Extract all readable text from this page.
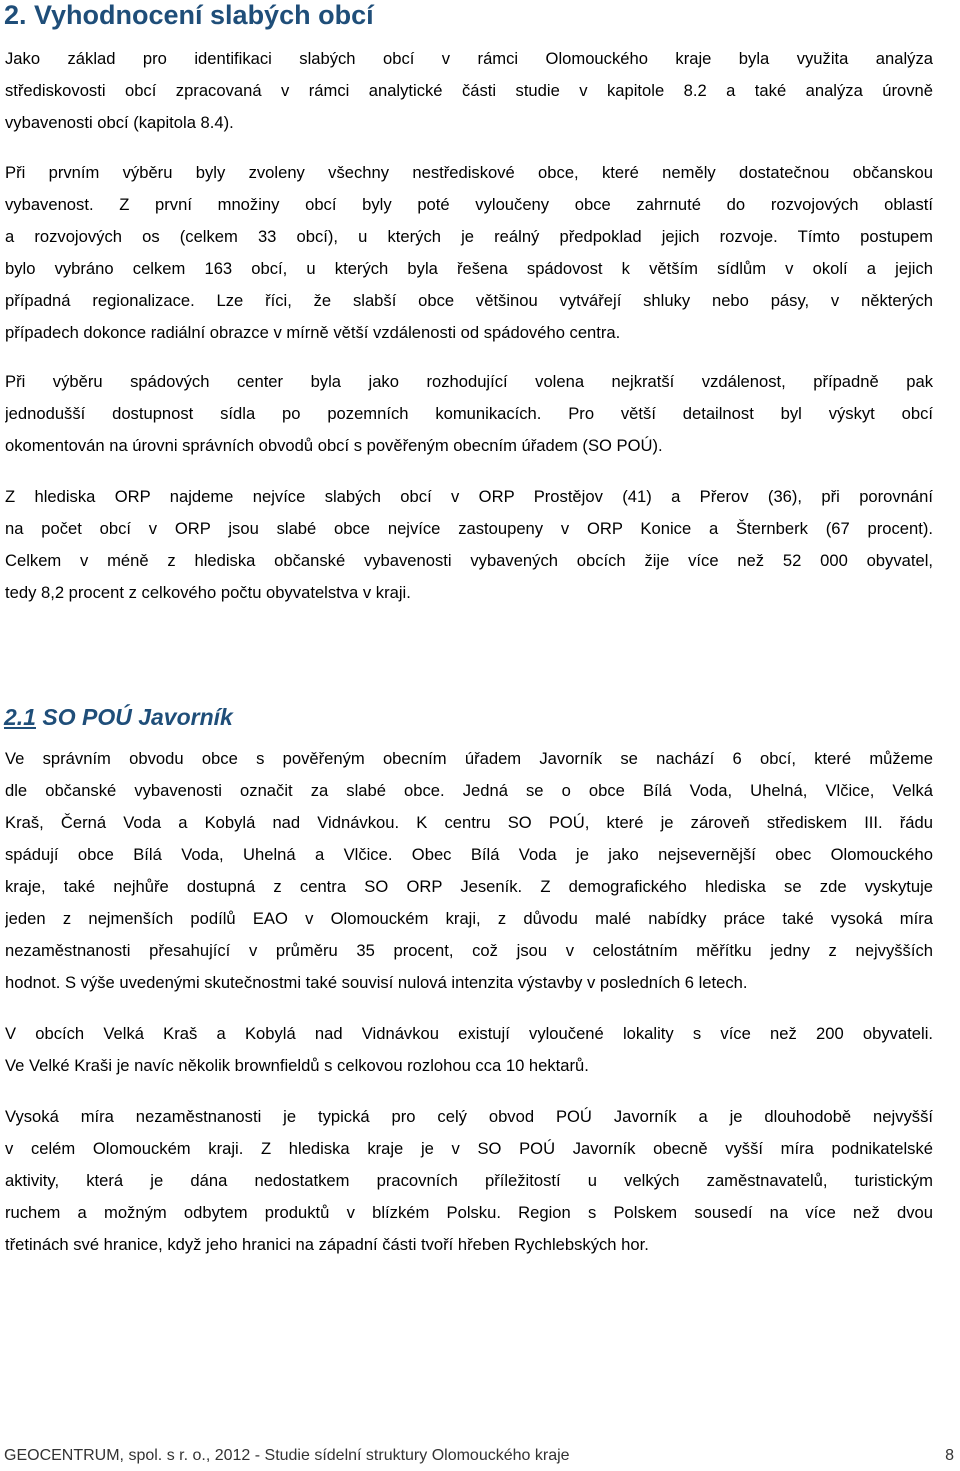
2. Vyhodnocení slabých obcí
Jako základ pro identifikaci slabých obcí v rámci Olomouckého kraje byla využita analýza
střediskovosti obcí zpracovaná v rámci analytické části studie v kapitole 8.2 a také analýza úrovně
vybavenosti obcí (kapitola 8.4).
Při prvním výběru byly zvoleny všechny nestřediskové obce, které neměly dostatečnou občanskou
vybavenost. Z první množiny obcí byly poté vyloučeny obce zahrnuté do rozvojových oblastí
a rozvojových os (celkem 33 obcí), u kterých je reálný předpoklad jejich rozvoje. Tímto postupem
bylo vybráno celkem 163 obcí, u kterých byla řešena spádovost k větším sídlům v okolí a jejich
případná regionalizace. Lze říci, že slabší obce většinou vytvářejí shluky nebo pásy, v některých
případech dokonce radiální obrazce v mírně větší vzdálenosti od spádového centra.
Při výběru spádových center byla jako rozhodující volena nejkratší vzdálenost, případně pak
jednodušší dostupnost sídla po pozemních komunikacích. Pro větší detailnost byl výskyt obcí
okomentován na úrovni správních obvodů obcí s pověřeným obecním úřadem (SO POÚ).
Z hlediska ORP najdeme nejvíce slabých obcí v ORP Prostějov (41) a Přerov (36), při porovnání
na počet obcí v ORP jsou slabé obce nejvíce zastoupeny v ORP Konice a Šternberk (67 procent).
Celkem v méně z hlediska občanské vybavenosti vybavených obcích žije více než 52 000 obyvatel,
tedy 8,2 procent z celkového počtu obyvatelstva v kraji.
2.1 SO POÚ Javorník
Ve správním obvodu obce s pověřeným obecním úřadem Javorník se nachází 6 obcí, které můžeme
dle občanské vybavenosti označit za slabé obce. Jedná se o obce Bílá Voda, Uhelná, Vlčice, Velká
Kraš, Černá Voda a Kobylá nad Vidnávkou. K centru SO POÚ, které je zároveň střediskem III. řádu
spádují obce Bílá Voda, Uhelná a Vlčice. Obec Bílá Voda je jako nejsevernější obec Olomouckého
kraje, také nejhůře dostupná z centra SO ORP Jeseník. Z demografického hlediska se zde vyskytuje
jeden z nejmenších podílů EAO v Olomouckém kraji, z důvodu malé nabídky práce také vysoká míra
nezaměstnanosti přesahující v průměru 35 procent, což jsou v celostátním měřítku jedny z nejvyšších
hodnot. S výše uvedenými skutečnostmi také souvisí nulová intenzita výstavby v posledních 6 letech.
V obcích Velká Kraš a Kobylá nad Vidnávkou existují vyloučené lokality s více než 200 obyvateli.
Ve Velké Kraši je navíc několik brownfieldů s celkovou rozlohou cca 10 hektarů.
Vysoká míra nezaměstnanosti je typická pro celý obvod POÚ Javorník a je dlouhodobě nejvyšší
v celém Olomouckém kraji. Z hlediska kraje je v SO POÚ Javorník obecně vyšší míra podnikatelské
aktivity, která je dána nedostatkem pracovních příležitostí u velkých zaměstnavatelů, turistickým
ruchem a možným odbytem produktů v blízkém Polsku. Region s Polskem sousedí na více než dvou
třetinách své hranice, když jeho hranici na západní části tvoří hřeben Rychlebských hor.
GEOCENTRUM, spol. s r. o., 2012 - Studie sídelní struktury Olomouckého kraje	8
